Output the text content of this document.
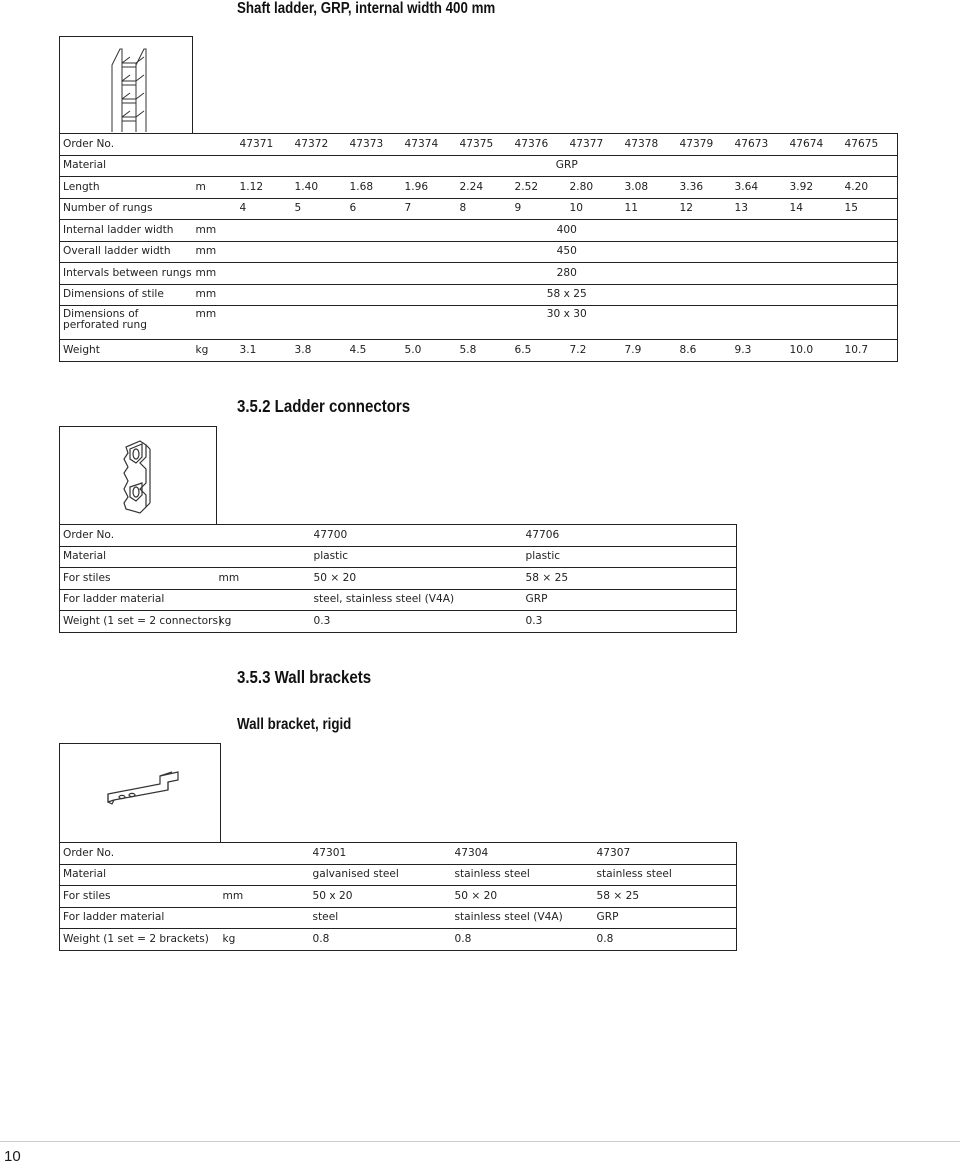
Shaft ladder, GRP, internal width 400 mm
Order No.		47371	47372	47373	47374	47375	47376	47377	47378	47379	47673	47674	47675
Material		GRP											
Length	m	1.12	1.40	1.68	1.96	2.24	2.52	2.80	3.08	3.36	3.64	3.92	4.20
Number of rungs		4	5	6	7	8	9	10	11	12	13	14	15
Internal ladder width	mm	400											
Overall ladder width	mm	450											
Intervals between rungs	mm	280											
Dimensions of stile	mm	58 x 25											
Dimensions of perforated rung	mm	30 x 30											
Weight	kg	3.1	3.8	4.5	5.0	5.8	6.5	7.2	7.9	8.6	9.3	10.0	10.7
3.5.2 Ladder connectors
Order No.		47700	47706
Material		plastic	plastic
For stiles	mm	50 × 20	58 × 25
For ladder material		steel, stainless steel (V4A)	GRP
Weight (1 set = 2 connectors)	kg	0.3	0.3
3.5.3 Wall brackets
Wall bracket, rigid
Order No.		47301	47304	47307
Material		galvanised steel	stainless steel	stainless steel
For stiles	mm	50 x 20	50 × 20	58 × 25
For ladder material		steel	stainless steel (V4A)	GRP
Weight (1 set = 2 brackets)	kg	0.8	0.8	0.8
10
